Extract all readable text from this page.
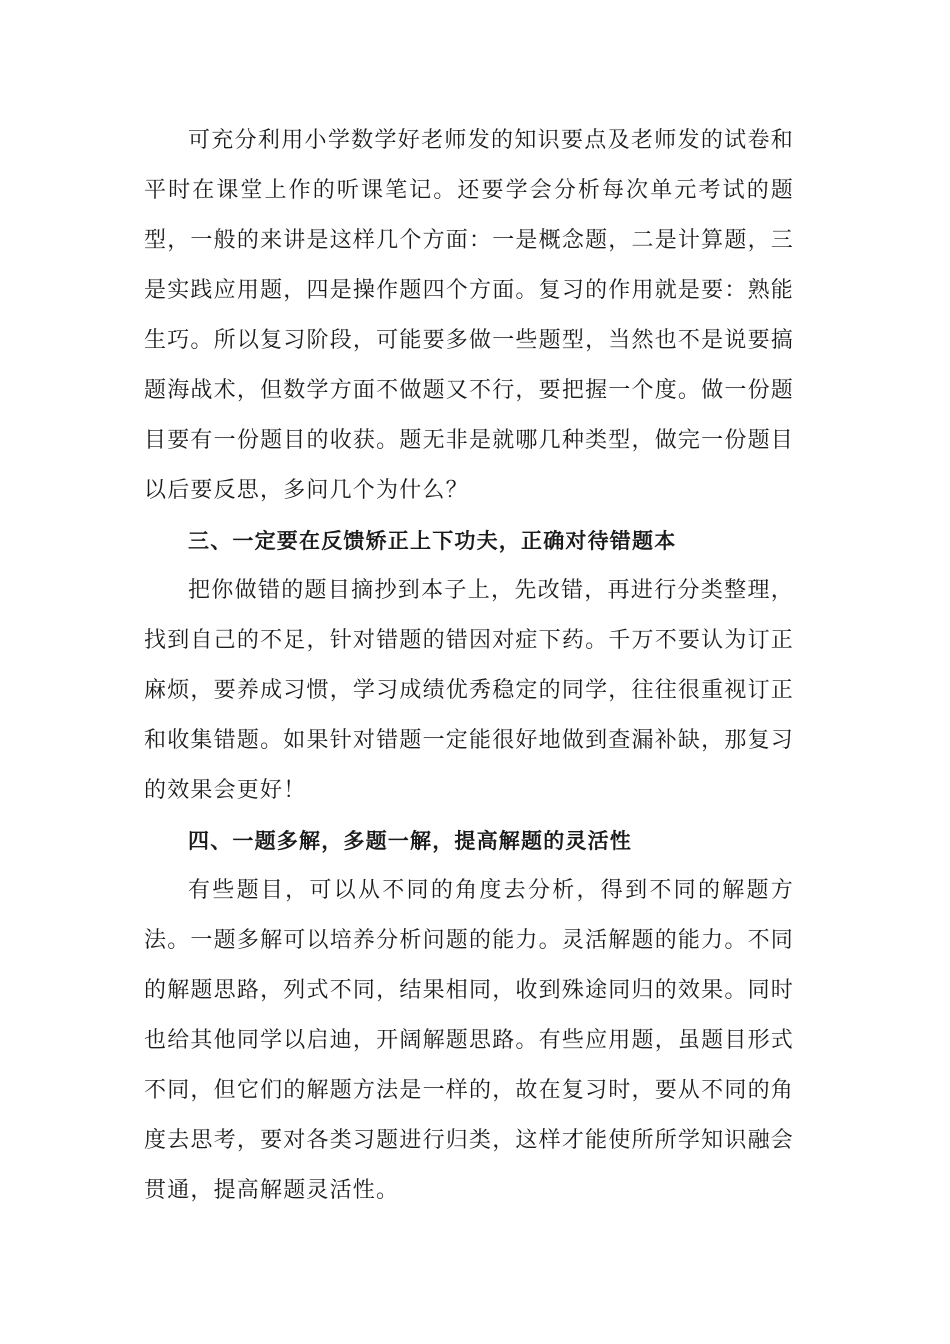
可充分利用小学数学好老师发的知识要点及老师发的试卷和平时在课堂上作的听课笔记。还要学会分析每次单元考试的题型，一般的来讲是这样几个方面：一是概念题，二是计算题，三是实践应用题，四是操作题四个方面。复习的作用就是要：熟能生巧。所以复习阶段，可能要多做一些题型，当然也不是说要搞题海战术，但数学方面不做题又不行，要把握一个度。做一份题目要有一份题目的收获。题无非是就哪几种类型，做完一份题目以后要反思，多问几个为什么？

三、一定要在反馈矫正上下功夫，正确对待错题本

把你做错的题目摘抄到本子上，先改错，再进行分类整理，找到自己的不足，针对错题的错因对症下药。千万不要认为订正麻烦，要养成习惯，学习成绩优秀稳定的同学，往往很重视订正和收集错题。如果针对错题一定能很好地做到查漏补缺，那复习的效果会更好！

四、一题多解，多题一解，提高解题的灵活性

有些题目，可以从不同的角度去分析，得到不同的解题方法。一题多解可以培养分析问题的能力。灵活解题的能力。不同的解题思路，列式不同，结果相同，收到殊途同归的效果。同时也给其他同学以启迪，开阔解题思路。有些应用题，虽题目形式不同，但它们的解题方法是一样的，故在复习时，要从不同的角度去思考，要对各类习题进行归类，这样才能使所所学知识融会贯通，提高解题灵活性。
